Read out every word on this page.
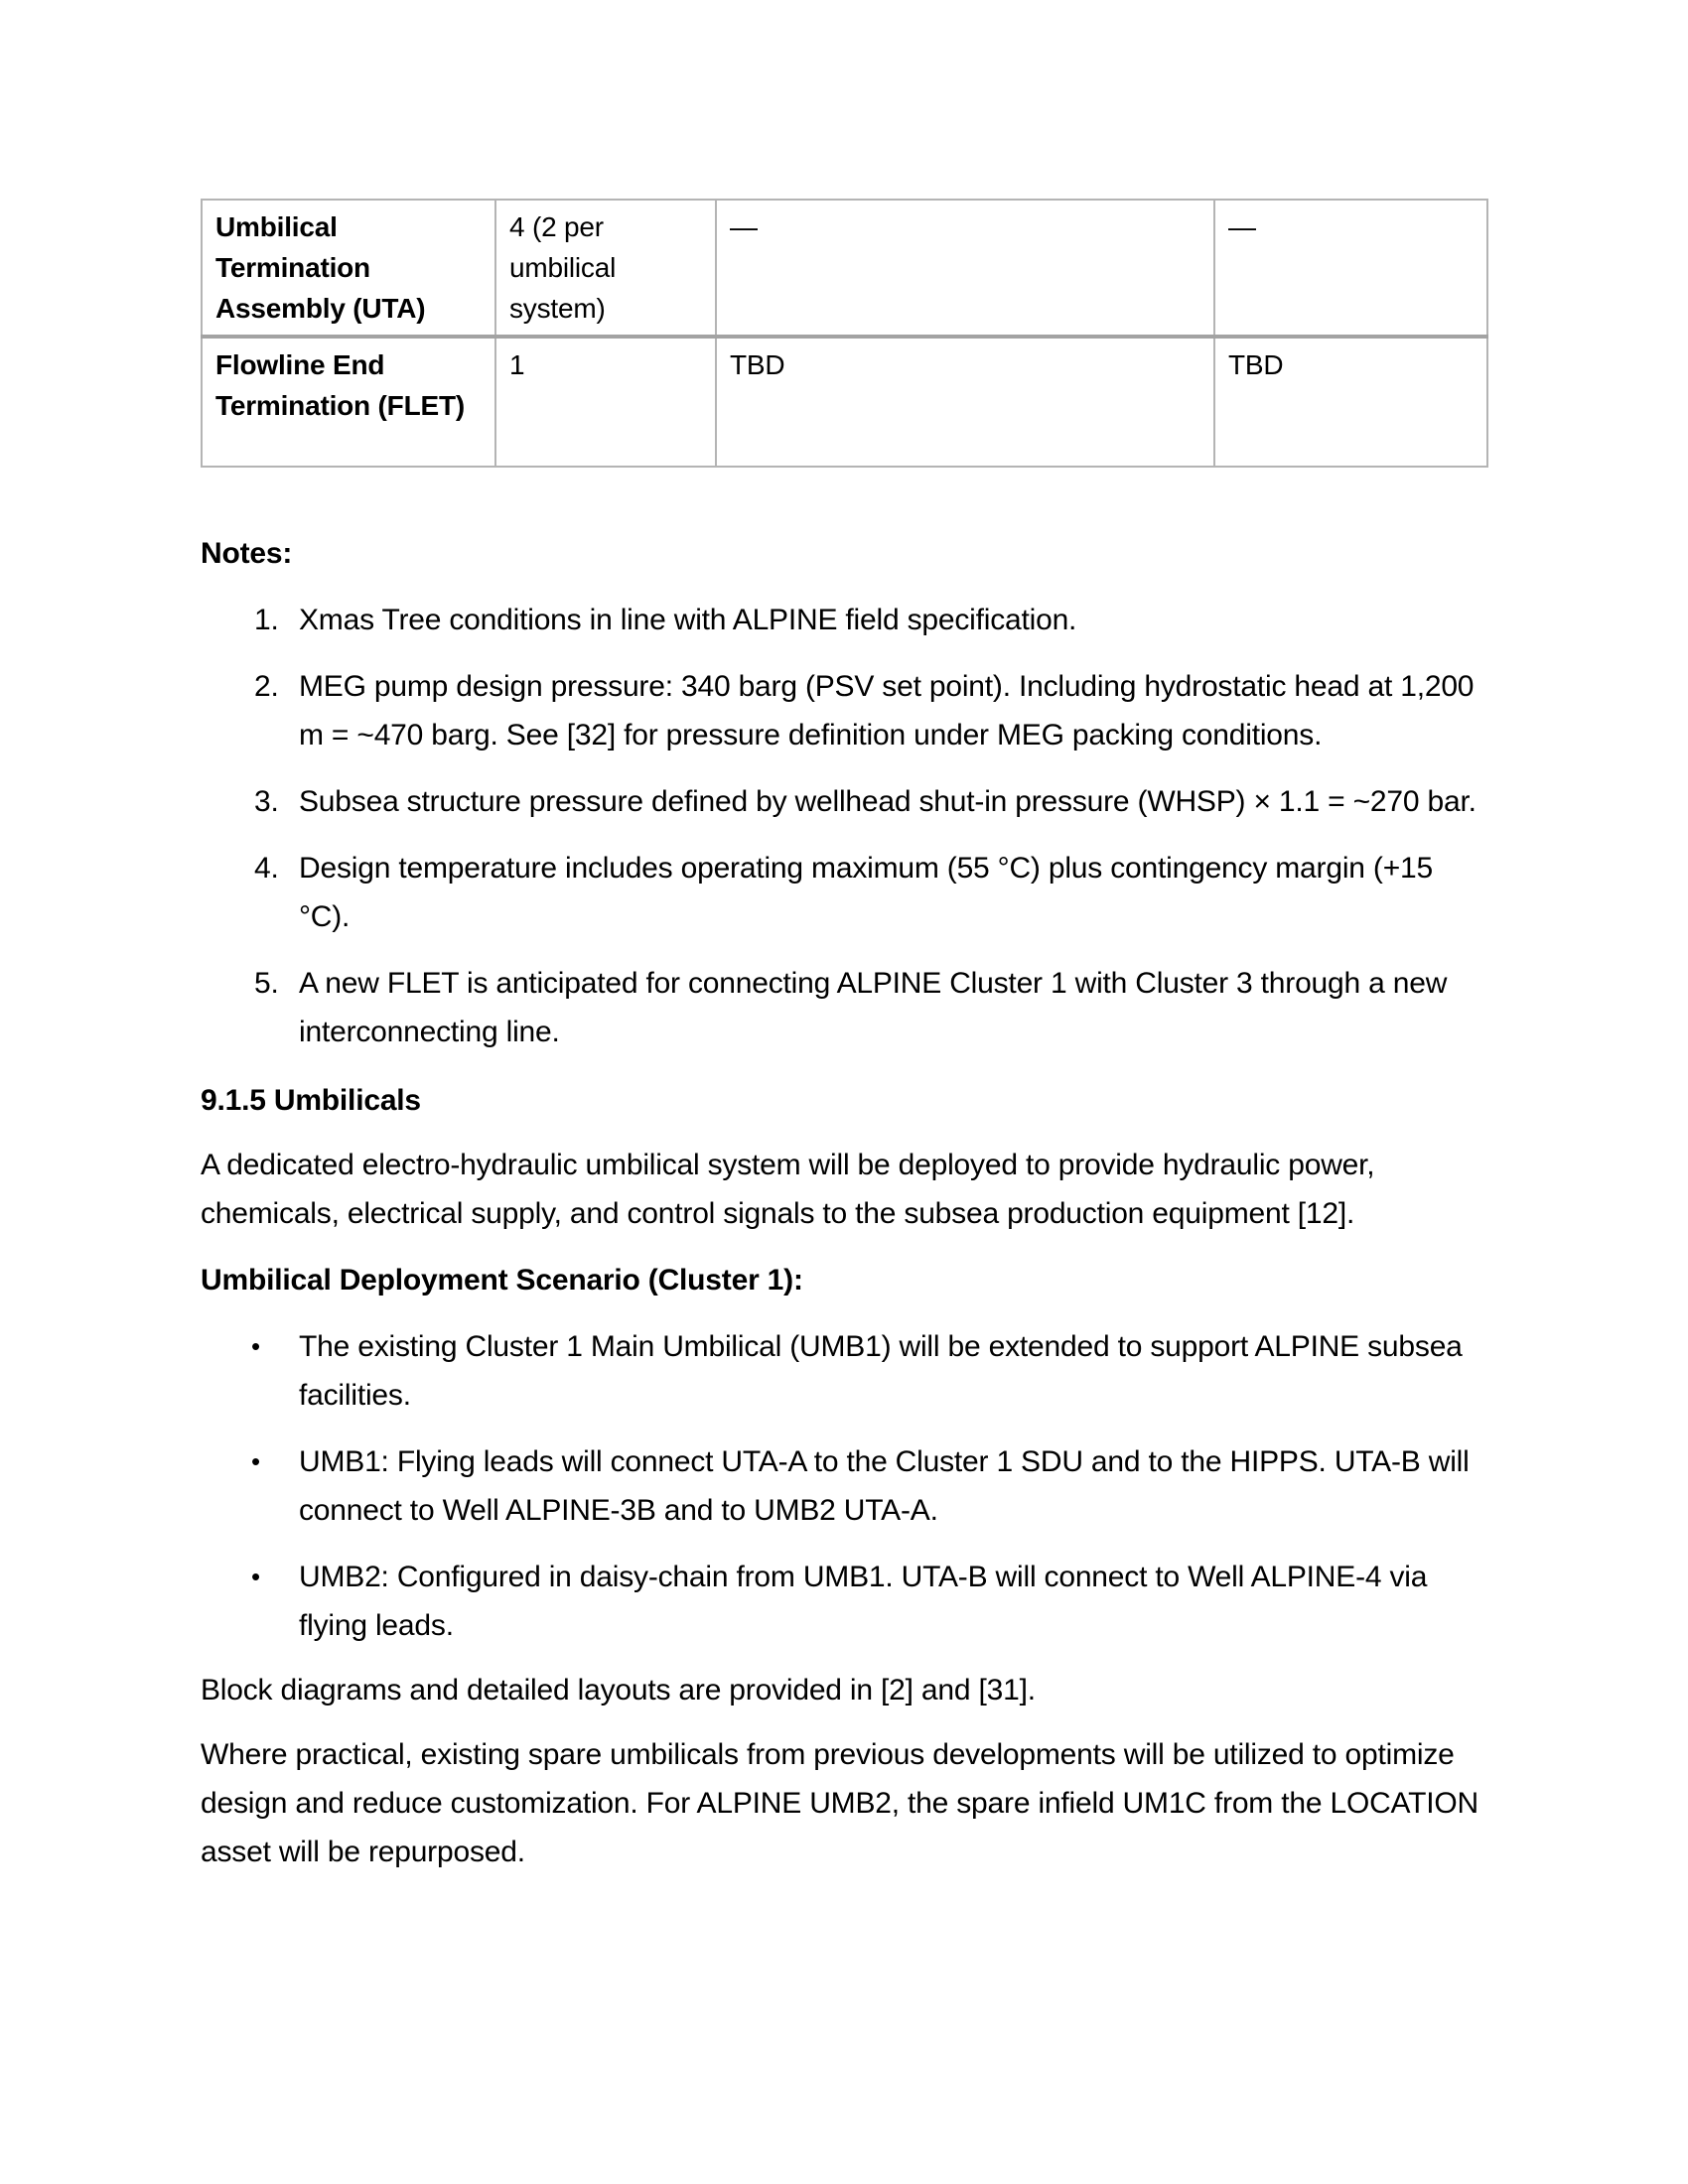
Umbilical Termination Assembly (UTA)	4 (2 per umbilical system)	—	—
Flowline End Termination (FLET)	1	TBD	TBD
Notes:
1. Xmas Tree conditions in line with ALPINE field specification.
2. MEG pump design pressure: 340 barg (PSV set point). Including hydrostatic head at 1,200 m = ~470 barg. See [32] for pressure definition under MEG packing conditions.
3. Subsea structure pressure defined by wellhead shut-in pressure (WHSP) × 1.1 = ~270 bar.
4. Design temperature includes operating maximum (55 °C) plus contingency margin (+15 °C).
5. A new FLET is anticipated for connecting ALPINE Cluster 1 with Cluster 3 through a new interconnecting line.
9.1.5 Umbilicals

A dedicated electro-hydraulic umbilical system will be deployed to provide hydraulic power, chemicals, electrical supply, and control signals to the subsea production equipment [12].

Umbilical Deployment Scenario (Cluster 1):
•	The existing Cluster 1 Main Umbilical (UMB1) will be extended to support ALPINE subsea facilities.
•	UMB1: Flying leads will connect UTA-A to the Cluster 1 SDU and to the HIPPS. UTA-B will connect to Well ALPINE-3B and to UMB2 UTA-A.
•	UMB2: Configured in daisy-chain from UMB1. UTA-B will connect to Well ALPINE-4 via flying leads.

Block diagrams and detailed layouts are provided in [2] and [31].

Where practical, existing spare umbilicals from previous developments will be utilized to optimize design and reduce customization. For ALPINE UMB2, the spare infield UM1C from the LOCATION asset will be repurposed.
